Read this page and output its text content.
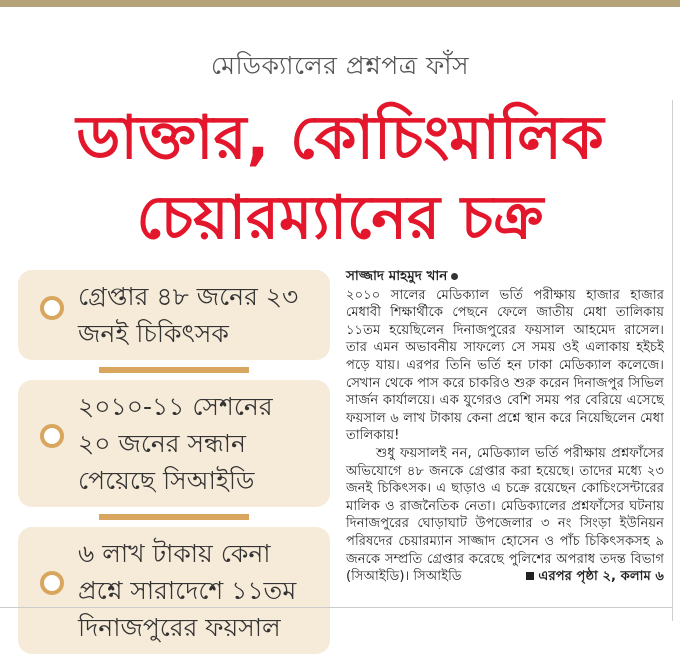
মেডিক্যালের প্রশ্নপত্র ফাঁস
ডাক্তার, কোচিংমালিক
চেয়ারম্যানের চক্র
গ্রেপ্তার ৪৮ জনের ২৩
জনই চিকিৎসক
২০১০-১১ সেশনের
২০ জনের সন্ধান
পেয়েছে সিআইডি
৬ লাখ টাকায় কেনা
প্রশ্নে সারাদেশে ১১তম
দিনাজপুরের ফয়সাল
সাজ্জাদ মাহমুদ খান

২০১০ সালের মেডিক্যাল ভর্তি পরীক্ষায় হাজার হাজার মেধাবী শিক্ষার্থীকে পেছনে ফেলে জাতীয় মেধা তালিকায় ১১তম হয়েছিলেন দিনাজপুরের ফয়সাল আহমেদ রাসেল। তার এমন অভাবনীয় সাফল্যে সে সময় ওই এলাকায় হইচই পড়ে যায়। এরপর তিনি ভর্তি হন ঢাকা মেডিক্যাল কলেজে। সেখান থেকে পাস করে চাকরিও শুরু করেন দিনাজপুর সিভিল সার্জন কার্যালয়ে। এক যুগেরও বেশি সময় পর বেরিয়ে এসেছে ফয়সাল ৬ লাখ টাকায় কেনা প্রশ্নে স্থান করে নিয়েছিলেন মেধা তালিকায়!

শুধু ফয়সালই নন, মেডিক্যাল ভর্তি পরীক্ষায় প্রশ্নফাঁসের অভিযোগে ৪৮ জনকে গ্রেপ্তার করা হয়েছে। তাদের মধ্যে ২৩ জনই চিকিৎসক। এ ছাড়াও এ চক্রে রয়েছেন কোচিংসেন্টারের মালিক ও রাজনৈতিক নেতা। মেডিক্যালের প্রশ্নফাঁসের ঘটনায় দিনাজপুরের ঘোড়াঘাট উপজেলার ৩ নং সিংড়া ইউনিয়ন পরিষদের চেয়ারম্যান সাজ্জাদ হোসেন ও পাঁচ চিকিৎসকসহ ৯ জনকে সম্প্রতি গ্রেপ্তার করেছে পুলিশের অপরাধ তদন্ত বিভাগ (সিআইডি)। সিআইডি	এরপর পৃষ্ঠা ২, কলাম ৬
